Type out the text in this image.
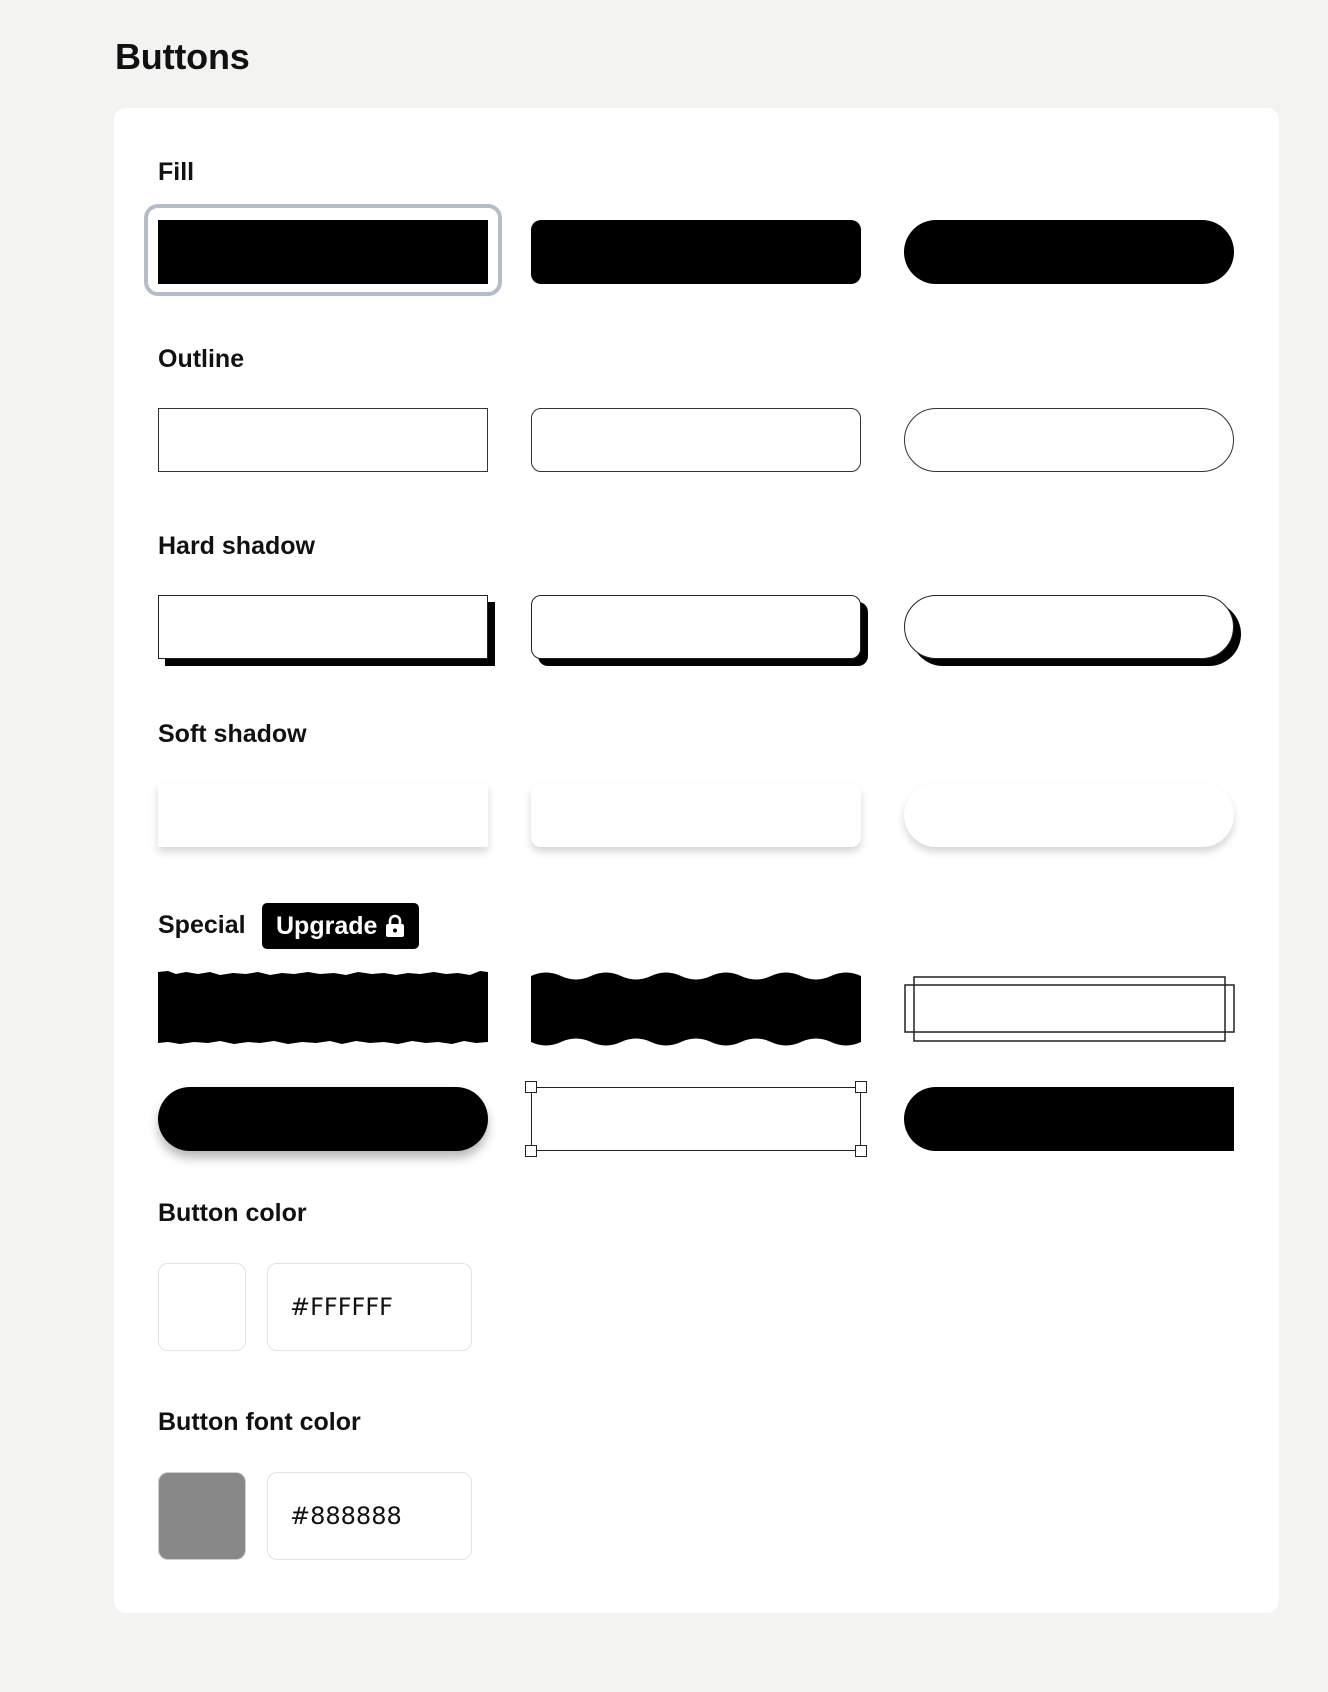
Buttons
Fill
Outline
Hard shadow
Soft shadow
Special Upgrade
Button color
#FFFFFF
Button font color
#888888
